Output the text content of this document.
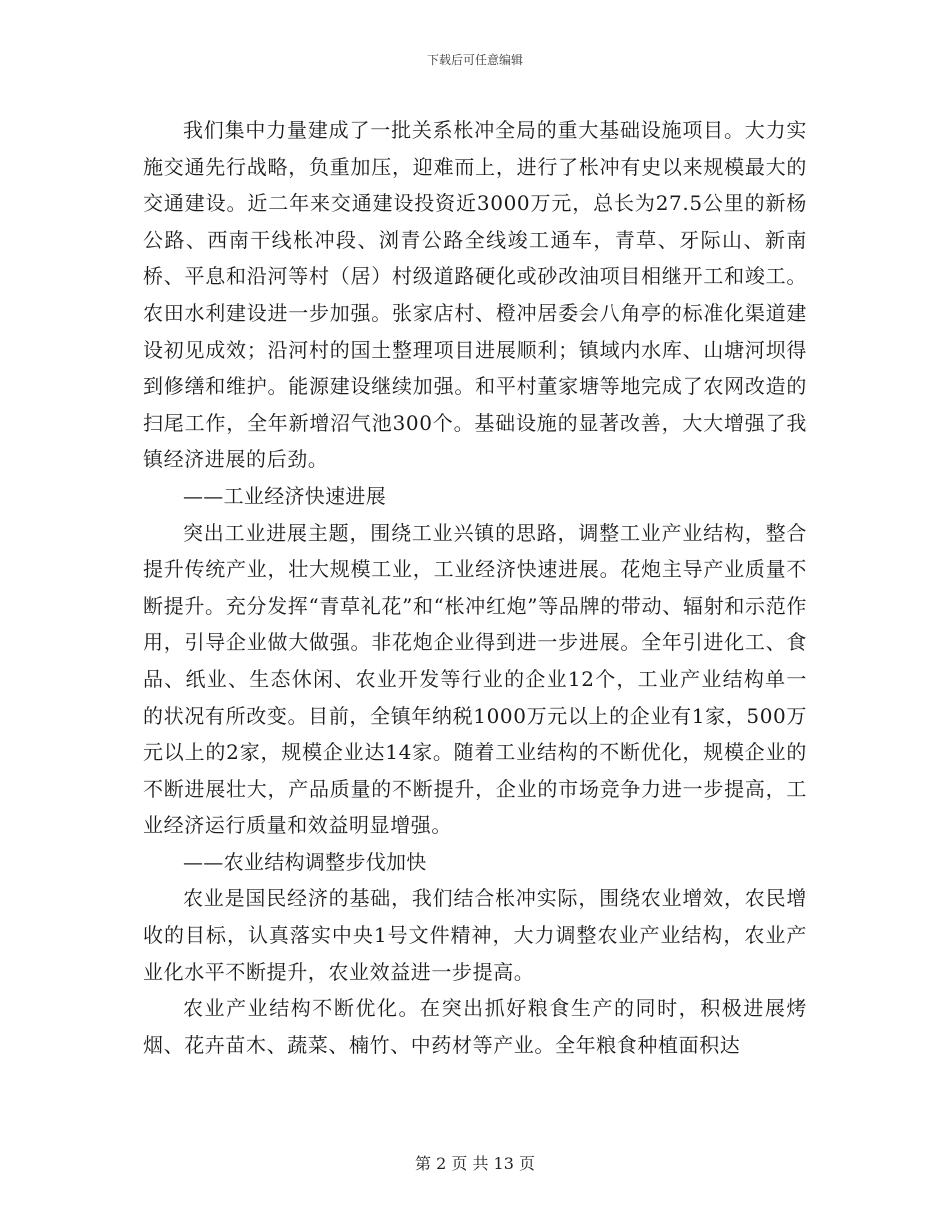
下载后可任意编辑

我们集中力量建成了一批关系枨冲全局的重大基础设施项目。大力实施交通先行战略，负重加压，迎难而上，进行了枨冲有史以来规模最大的交通建设。近二年来交通建设投资近3000万元，总长为27.5公里的新杨公路、西南干线枨冲段、浏青公路全线竣工通车，青草、牙际山、新南桥、平息和沿河等村（居）村级道路硬化或砂改油项目相继开工和竣工。农田水利建设进一步加强。张家店村、橙冲居委会八角亭的标准化渠道建设初见成效；沿河村的国土整理项目进展顺利；镇域内水库、山塘河坝得到修缮和维护。能源建设继续加强。和平村董家塘等地完成了农网改造的扫尾工作，全年新增沼气池300个。基础设施的显著改善，大大增强了我镇经济进展的后劲。

——工业经济快速进展

突出工业进展主题，围绕工业兴镇的思路，调整工业产业结构，整合提升传统产业，壮大规模工业，工业经济快速进展。花炮主导产业质量不断提升。充分发挥“青草礼花”和“枨冲红炮”等品牌的带动、辐射和示范作用，引导企业做大做强。非花炮企业得到进一步进展。全年引进化工、食品、纸业、生态休闲、农业开发等行业的企业12个，工业产业结构单一的状况有所改变。目前，全镇年纳税1000万元以上的企业有1家，500万元以上的2家，规模企业达14家。随着工业结构的不断优化，规模企业的不断进展壮大，产品质量的不断提升，企业的市场竞争力进一步提高，工业经济运行质量和效益明显增强。

——农业结构调整步伐加快

农业是国民经济的基础，我们结合枨冲实际，围绕农业增效，农民增收的目标，认真落实中央1号文件精神，大力调整农业产业结构，农业产业化水平不断提升，农业效益进一步提高。

农业产业结构不断优化。在突出抓好粮食生产的同时，积极进展烤烟、花卉苗木、蔬菜、楠竹、中药材等产业。全年粮食种植面积达

第 2 页 共 13 页
